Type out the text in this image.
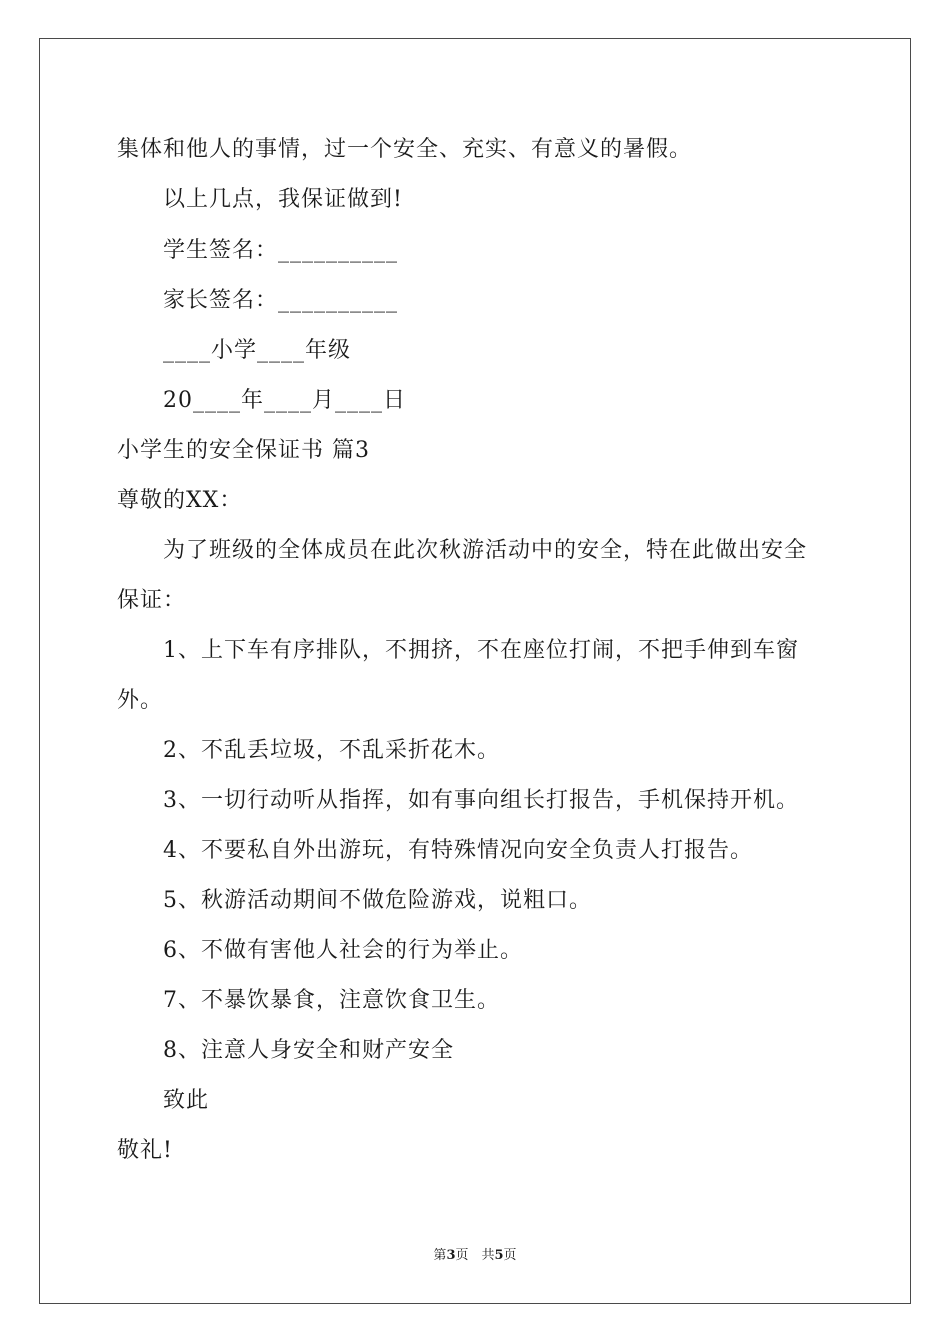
集体和他人的事情，过一个安全、充实、有意义的暑假。
以上几点，我保证做到!
学生签名：__________
家长签名：__________
____小学____年级
20____年____月____日
小学生的安全保证书 篇3
尊敬的XX：
为了班级的全体成员在此次秋游活动中的安全，特在此做出安全
保证：
1、上下车有序排队，不拥挤，不在座位打闹，不把手伸到车窗
外。
2、不乱丢垃圾，不乱采折花木。
3、一切行动听从指挥，如有事向组长打报告，手机保持开机。
4、不要私自外出游玩，有特殊情况向安全负责人打报告。
5、秋游活动期间不做危险游戏，说粗口。
6、不做有害他人社会的行为举止。
7、不暴饮暴食，注意饮食卫生。
8、注意人身安全和财产安全
致此
敬礼!
第3页　共5页
